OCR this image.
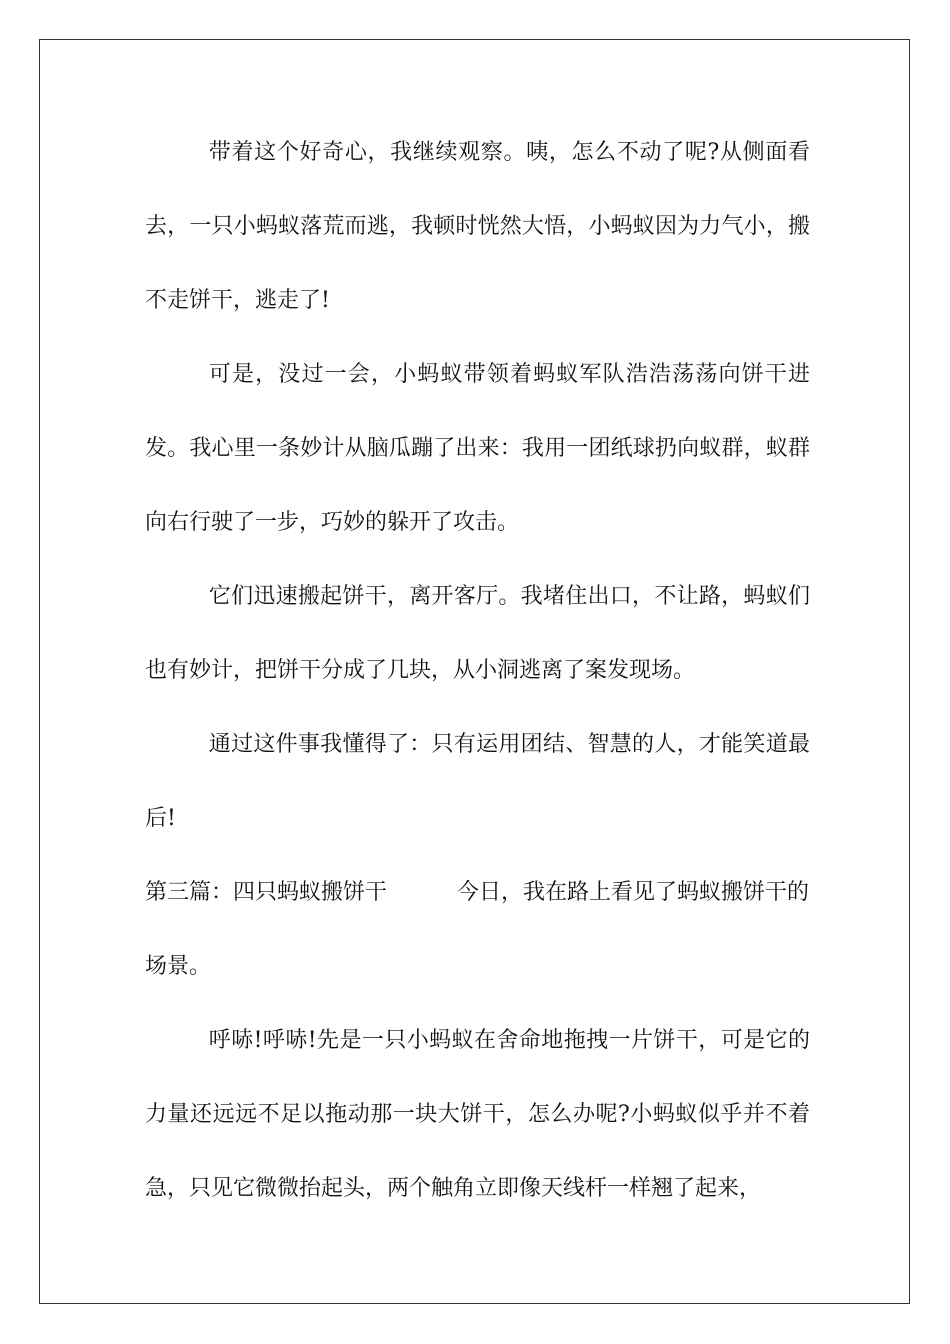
带着这个好奇心，我继续观察。咦，怎么不动了呢?从侧面看去，一只小蚂蚁落荒而逃，我顿时恍然大悟，小蚂蚁因为力气小，搬不走饼干，逃走了!

可是，没过一会，小蚂蚁带领着蚂蚁军队浩浩荡荡向饼干进发。我心里一条妙计从脑瓜蹦了出来：我用一团纸球扔向蚁群，蚁群向右行驶了一步，巧妙的躲开了攻击。

它们迅速搬起饼干，离开客厅。我堵住出口，不让路，蚂蚁们也有妙计，把饼干分成了几块，从小洞逃离了案发现场。

通过这件事我懂得了：只有运用团结、智慧的人，才能笑道最后!

第三篇：四只蚂蚁搬饼干	今日，我在路上看见了蚂蚁搬饼干的场景。

呼哧!呼哧!先是一只小蚂蚁在舍命地拖拽一片饼干，可是它的力量还远远不足以拖动那一块大饼干，怎么办呢?小蚂蚁似乎并不着急，只见它微微抬起头，两个触角立即像天线杆一样翘了起来，
